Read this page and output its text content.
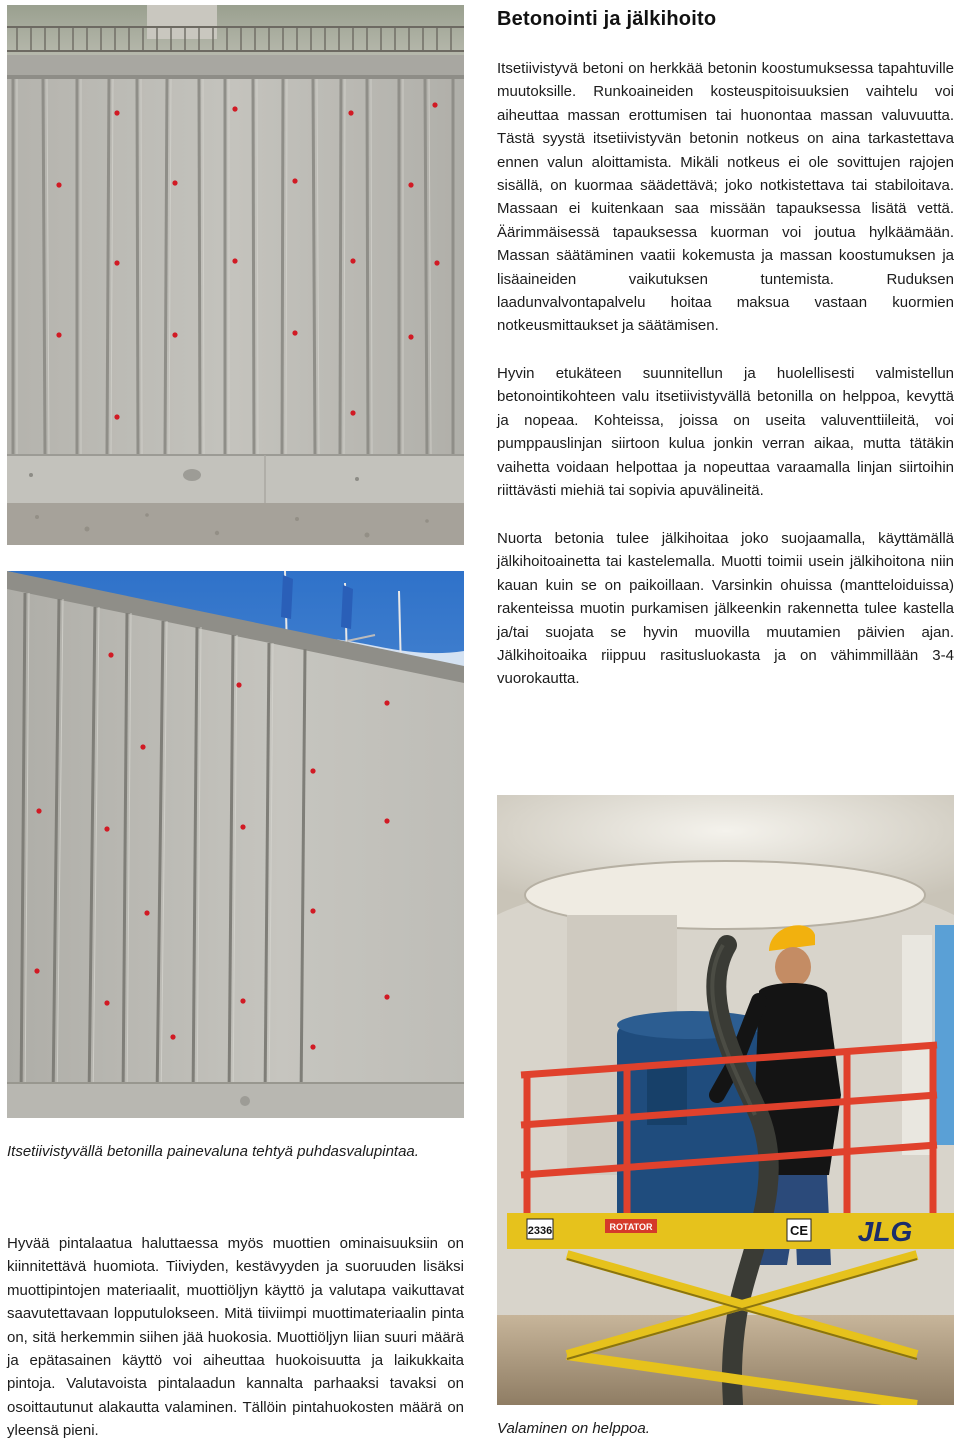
2336	ROTATOR	CE JLG
Betonointi ja jälkihoito

Itsetiivistyvä betoni on herkkää betonin koostumuksessa tapahtuville muutoksille. Runkoaineiden kosteuspitoisuuksien vaihtelu voi aiheuttaa massan erottumisen tai huonontaa massan valuvuutta. Tästä syystä itsetiivistyvän betonin notkeus on aina tarkastettava ennen valun aloittamista. Mikäli notkeus ei ole sovittujen rajojen sisällä, on kuormaa säädettävä; joko notkistettava tai stabiloitava. Massaan ei kuitenkaan saa missään tapauksessa lisätä vettä. Äärimmäisessä tapauksessa kuorman voi joutua hylkäämään. Massan säätäminen vaatii kokemusta ja massan koostumuksen ja lisäaineiden vaikutuksen tuntemista. Ruduksen laadunvalvontapalvelu hoitaa maksua vastaan kuormien notkeusmittaukset ja säätämisen.

Hyvin etukäteen suunnitellun ja huolellisesti valmistellun betonointikohteen valu itsetiivistyvällä betonilla on helppoa, kevyttä ja nopeaa. Kohteissa, joissa on useita valuventtiileitä, voi pumppauslinjan siirtoon kulua jonkin verran aikaa, mutta tätäkin vaihetta voidaan helpottaa ja nopeuttaa varaamalla linjan siirtoihin riittävästi miehiä tai sopivia apuvälineitä.

Nuorta betonia tulee jälkihoitaa joko suojaamalla, käyttämällä jälkihoitoainetta tai kastelemalla. Muotti toimii usein jälkihoitona niin kauan kuin se on paikoillaan. Varsinkin ohuissa (mantteloiduissa) rakenteissa muotin purkamisen jälkeenkin rakennetta tulee kastella ja/tai suojata se hyvin muovilla muutamien päivien ajan. Jälkihoitoaika riippuu rasitusluokasta ja on vähimmillään 3-4 vuorokautta.

Hyvää pintalaatua haluttaessa myös muottien ominaisuuksiin on kiinnitettävä huomiota. Tiiviyden, kestävyyden ja suoruuden lisäksi muottipintojen materiaalit, muottiöljyn käyttö ja valutapa vaikuttavat saavutettavaan lopputulokseen. Mitä tiiviimpi muottimateriaalin pinta on, sitä herkemmin siihen jää huokosia. Muottiöljyn liian suuri määrä ja epätasainen käyttö voi aiheuttaa huokoisuutta ja laikukkaita pintoja. Valutavoista pintalaadun kannalta parhaaksi tavaksi on osoittautunut alakautta valaminen. Tällöin pintahuokosten määrä on yleensä pieni.

Itsetiivistyvällä betonilla painevaluna tehtyä puhdasvalupintaa.

Valaminen on helppoa.
